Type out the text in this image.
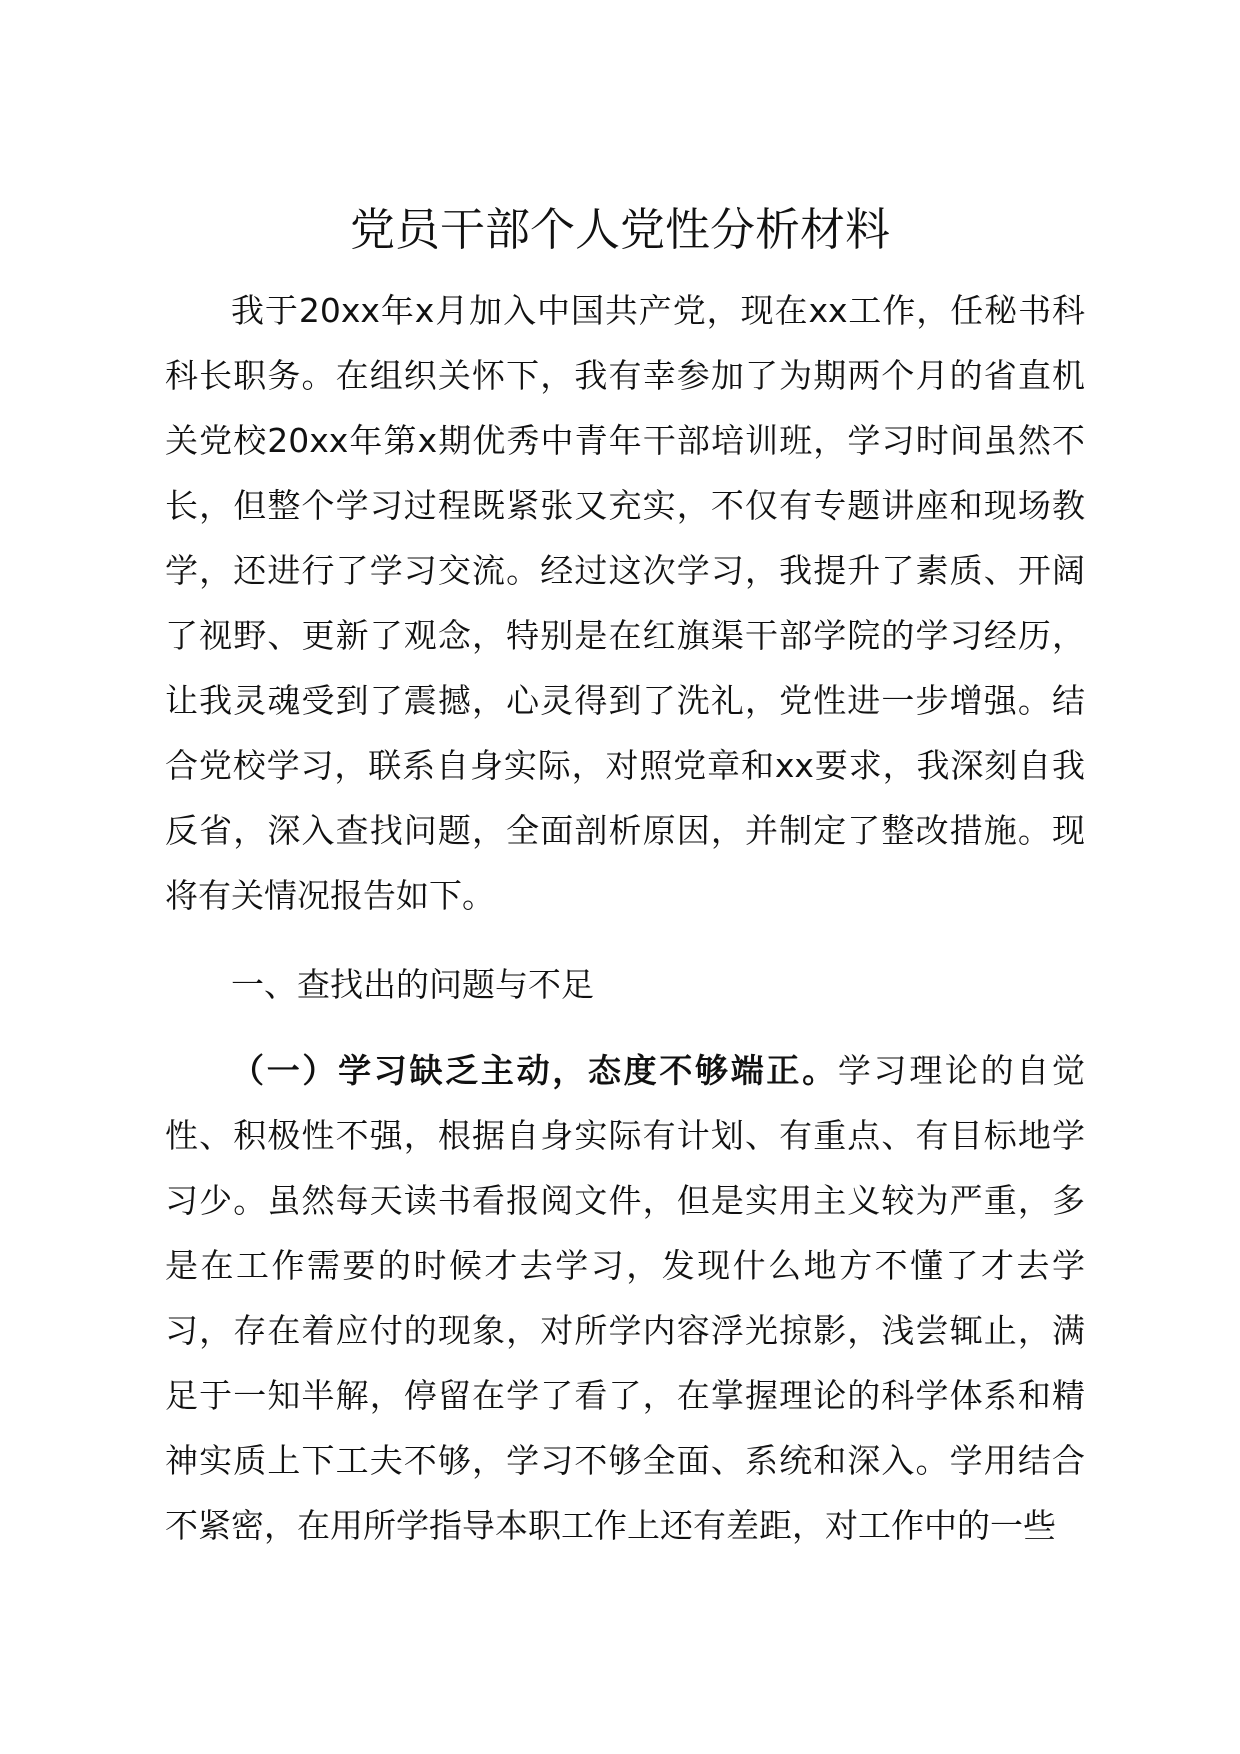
党员干部个人党性分析材料

我于20xx年x月加入中国共产党，现在xx工作，任秘书科科长职务。在组织关怀下，我有幸参加了为期两个月的省直机关党校20xx年第x期优秀中青年干部培训班，学习时间虽然不长，但整个学习过程既紧张又充实，不仅有专题讲座和现场教学，还进行了学习交流。经过这次学习，我提升了素质、开阔了视野、更新了观念，特别是在红旗渠干部学院的学习经历，让我灵魂受到了震撼，心灵得到了洗礼，党性进一步增强。结合党校学习，联系自身实际，对照党章和xx要求，我深刻自我反省，深入查找问题，全面剖析原因，并制定了整改措施。现将有关情况报告如下。

一、查找出的问题与不足

（一）学习缺乏主动，态度不够端正。学习理论的自觉性、积极性不强，根据自身实际有计划、有重点、有目标地学习少。虽然每天读书看报阅文件，但是实用主义较为严重，多是在工作需要的时候才去学习，发现什么地方不懂了才去学习，存在着应付的现象，对所学内容浮光掠影，浅尝辄止，满足于一知半解，停留在学了看了，在掌握理论的科学体系和精神实质上下工夫不够，学习不够全面、系统和深入。学用结合不紧密，在用所学指导本职工作上还有差距，对工作中的一些
